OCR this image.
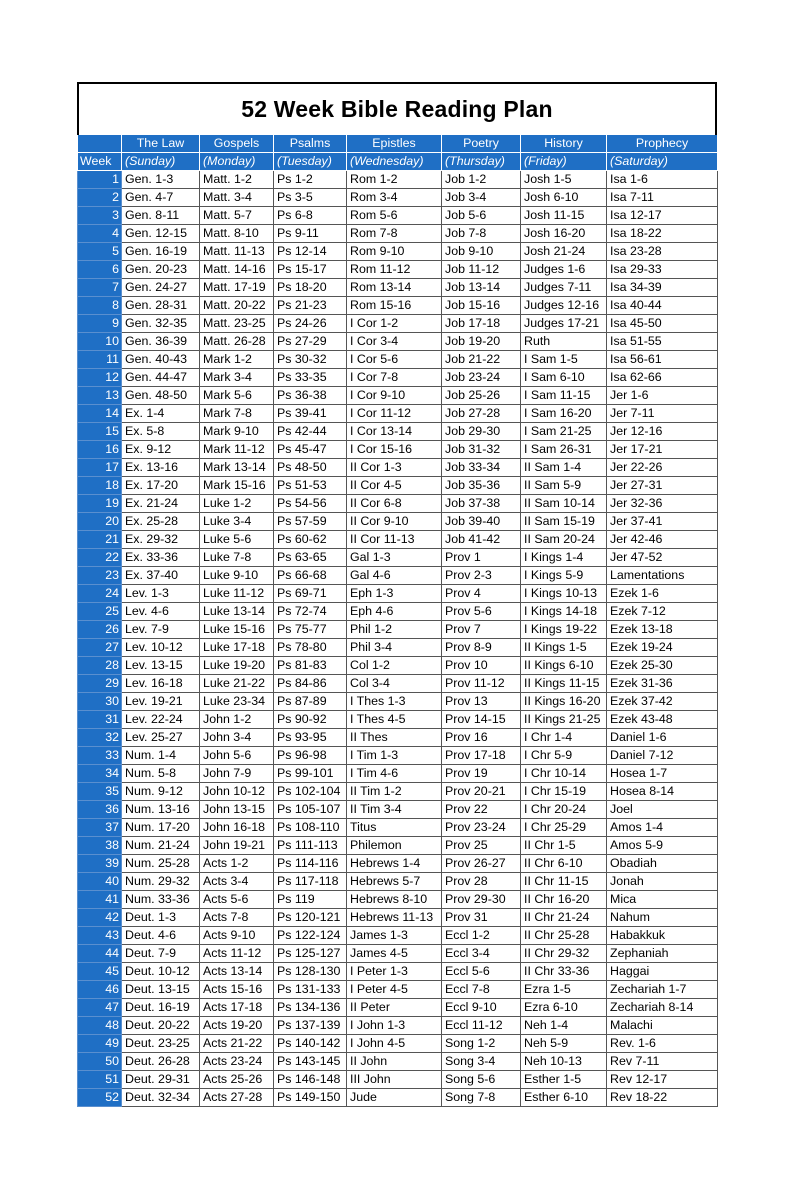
52 Week Bible Reading Plan
	The Law	Gospels	Psalms	Epistles	Poetry	History	Prophecy
Week	(Sunday)	(Monday)	(Tuesday)	(Wednesday)	(Thursday)	(Friday)	(Saturday)
1	Gen. 1-3	Matt. 1-2	Ps 1-2	Rom 1-2	Job 1-2	Josh 1-5	Isa 1-6
2	Gen. 4-7	Matt. 3-4	Ps 3-5	Rom 3-4	Job 3-4	Josh 6-10	Isa 7-11
3	Gen. 8-11	Matt. 5-7	Ps 6-8	Rom 5-6	Job 5-6	Josh 11-15	Isa 12-17
4	Gen. 12-15	Matt. 8-10	Ps 9-11	Rom 7-8	Job 7-8	Josh 16-20	Isa 18-22
5	Gen. 16-19	Matt. 11-13	Ps 12-14	Rom 9-10	Job 9-10	Josh 21-24	Isa 23-28
6	Gen. 20-23	Matt. 14-16	Ps 15-17	Rom 11-12	Job 11-12	Judges 1-6	Isa 29-33
7	Gen. 24-27	Matt. 17-19	Ps 18-20	Rom 13-14	Job 13-14	Judges 7-11	Isa 34-39
8	Gen. 28-31	Matt. 20-22	Ps 21-23	Rom 15-16	Job 15-16	Judges 12-16	Isa 40-44
9	Gen. 32-35	Matt. 23-25	Ps 24-26	I Cor 1-2	Job 17-18	Judges 17-21	Isa 45-50
10	Gen. 36-39	Matt. 26-28	Ps 27-29	I Cor 3-4	Job 19-20	Ruth	Isa 51-55
11	Gen. 40-43	Mark 1-2	Ps 30-32	I Cor 5-6	Job 21-22	I Sam 1-5	Isa 56-61
12	Gen. 44-47	Mark 3-4	Ps 33-35	I Cor 7-8	Job 23-24	I Sam 6-10	Isa 62-66
13	Gen. 48-50	Mark 5-6	Ps 36-38	I Cor 9-10	Job 25-26	I Sam 11-15	Jer 1-6
14	Ex. 1-4	Mark 7-8	Ps 39-41	I Cor 11-12	Job 27-28	I Sam 16-20	Jer 7-11
15	Ex. 5-8	Mark 9-10	Ps 42-44	I Cor 13-14	Job 29-30	I Sam 21-25	Jer 12-16
16	Ex. 9-12	Mark 11-12	Ps 45-47	I Cor 15-16	Job 31-32	I Sam 26-31	Jer 17-21
17	Ex. 13-16	Mark 13-14	Ps 48-50	II Cor 1-3	Job 33-34	II Sam 1-4	Jer 22-26
18	Ex. 17-20	Mark 15-16	Ps 51-53	II Cor 4-5	Job 35-36	II Sam 5-9	Jer 27-31
19	Ex. 21-24	Luke 1-2	Ps 54-56	II Cor 6-8	Job 37-38	II Sam 10-14	Jer 32-36
20	Ex. 25-28	Luke 3-4	Ps 57-59	II Cor 9-10	Job 39-40	II Sam 15-19	Jer 37-41
21	Ex. 29-32	Luke 5-6	Ps 60-62	II Cor 11-13	Job 41-42	II Sam 20-24	Jer 42-46
22	Ex. 33-36	Luke 7-8	Ps 63-65	Gal 1-3	Prov 1	I Kings 1-4	Jer 47-52
23	Ex. 37-40	Luke 9-10	Ps 66-68	Gal 4-6	Prov 2-3	I Kings 5-9	Lamentations
24	Lev. 1-3	Luke 11-12	Ps 69-71	Eph 1-3	Prov 4	I Kings 10-13	Ezek 1-6
25	Lev. 4-6	Luke 13-14	Ps 72-74	Eph 4-6	Prov 5-6	I Kings 14-18	Ezek 7-12
26	Lev. 7-9	Luke 15-16	Ps 75-77	Phil 1-2	Prov 7	I Kings 19-22	Ezek 13-18
27	Lev. 10-12	Luke 17-18	Ps 78-80	Phil 3-4	Prov 8-9	II Kings 1-5	Ezek 19-24
28	Lev. 13-15	Luke 19-20	Ps 81-83	Col 1-2	Prov 10	II Kings 6-10	Ezek 25-30
29	Lev. 16-18	Luke 21-22	Ps 84-86	Col 3-4	Prov 11-12	II Kings 11-15	Ezek 31-36
30	Lev. 19-21	Luke 23-34	Ps 87-89	I Thes 1-3	Prov 13	II Kings 16-20	Ezek 37-42
31	Lev. 22-24	John 1-2	Ps 90-92	I Thes 4-5	Prov 14-15	II Kings 21-25	Ezek 43-48
32	Lev. 25-27	John 3-4	Ps 93-95	II Thes	Prov 16	I Chr 1-4	Daniel 1-6
33	Num. 1-4	John 5-6	Ps 96-98	I Tim 1-3	Prov 17-18	I Chr 5-9	Daniel 7-12
34	Num. 5-8	John 7-9	Ps 99-101	I Tim 4-6	Prov 19	I Chr 10-14	Hosea 1-7
35	Num. 9-12	John 10-12	Ps 102-104	II Tim 1-2	Prov 20-21	I Chr 15-19	Hosea 8-14
36	Num. 13-16	John 13-15	Ps 105-107	II Tim 3-4	Prov 22	I Chr 20-24	Joel
37	Num. 17-20	John 16-18	Ps 108-110	Titus	Prov 23-24	I Chr 25-29	Amos 1-4
38	Num. 21-24	John 19-21	Ps 111-113	Philemon	Prov 25	II Chr 1-5	Amos 5-9
39	Num. 25-28	Acts 1-2	Ps 114-116	Hebrews 1-4	Prov 26-27	II Chr 6-10	Obadiah
40	Num. 29-32	Acts 3-4	Ps 117-118	Hebrews 5-7	Prov 28	II Chr 11-15	Jonah
41	Num. 33-36	Acts 5-6	Ps 119	Hebrews 8-10	Prov 29-30	II Chr 16-20	Mica
42	Deut. 1-3	Acts 7-8	Ps 120-121	Hebrews 11-13	Prov 31	II Chr 21-24	Nahum
43	Deut. 4-6	Acts 9-10	Ps 122-124	James 1-3	Eccl 1-2	II Chr 25-28	Habakkuk
44	Deut. 7-9	Acts 11-12	Ps 125-127	James 4-5	Eccl 3-4	II Chr 29-32	Zephaniah
45	Deut. 10-12	Acts 13-14	Ps 128-130	I Peter 1-3	Eccl 5-6	II Chr 33-36	Haggai
46	Deut. 13-15	Acts 15-16	Ps 131-133	I Peter 4-5	Eccl 7-8	Ezra 1-5	Zechariah 1-7
47	Deut. 16-19	Acts 17-18	Ps 134-136	II Peter	Eccl 9-10	Ezra 6-10	Zechariah 8-14
48	Deut. 20-22	Acts 19-20	Ps 137-139	I John 1-3	Eccl 11-12	Neh 1-4	Malachi
49	Deut. 23-25	Acts 21-22	Ps 140-142	I John 4-5	Song 1-2	Neh 5-9	Rev. 1-6
50	Deut. 26-28	Acts 23-24	Ps 143-145	II John	Song 3-4	Neh 10-13	Rev 7-11
51	Deut. 29-31	Acts 25-26	Ps 146-148	III John	Song 5-6	Esther 1-5	Rev 12-17
52	Deut. 32-34	Acts 27-28	Ps 149-150	Jude	Song 7-8	Esther 6-10	Rev 18-22
